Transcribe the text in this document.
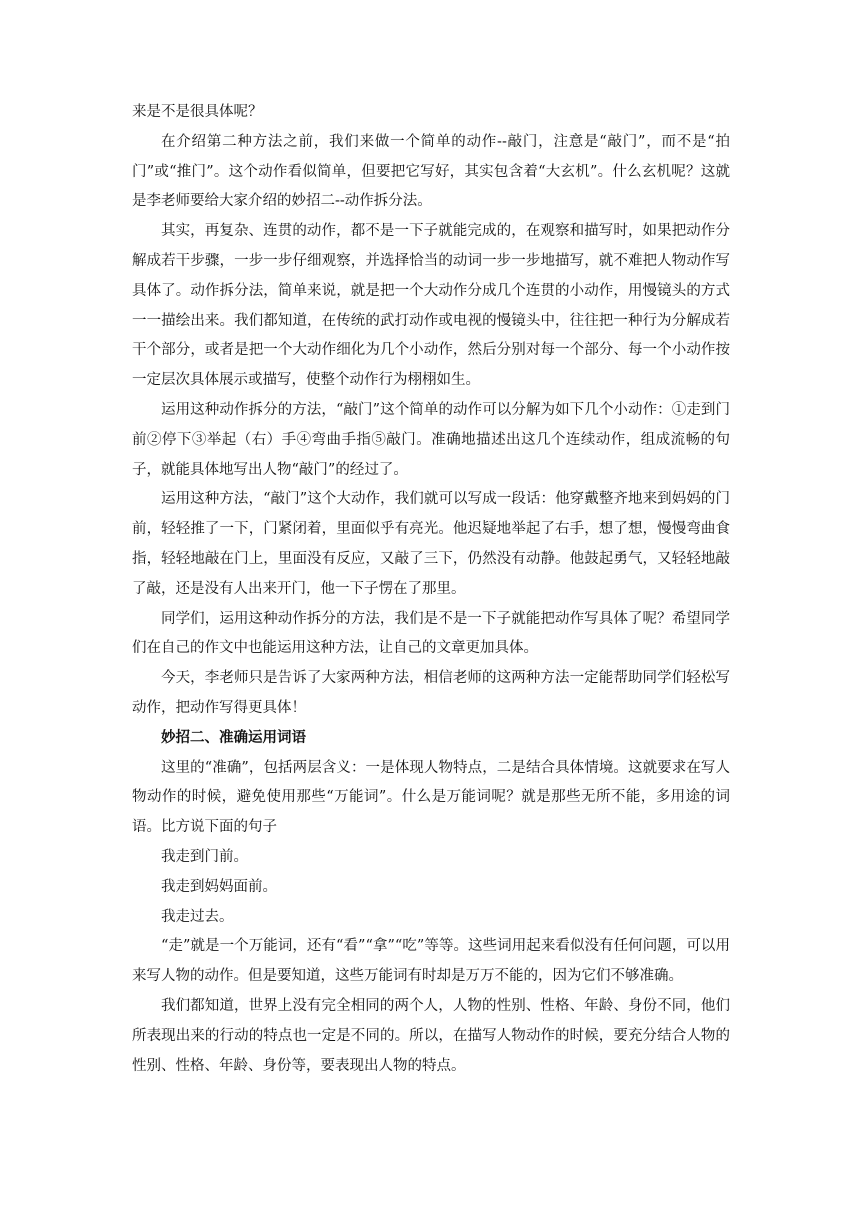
来是不是很具体呢？

在介绍第二种方法之前，我们来做一个简单的动作--敲门，注意是“敲门”，而不是“拍门”或“推门”。这个动作看似简单，但要把它写好，其实包含着“大玄机”。什么玄机呢？这就是李老师要给大家介绍的妙招二--动作拆分法。

其实，再复杂、连贯的动作，都不是一下子就能完成的，在观察和描写时，如果把动作分解成若干步骤，一步一步仔细观察，并选择恰当的动词一步一步地描写，就不难把人物动作写具体了。动作拆分法，简单来说，就是把一个大动作分成几个连贯的小动作，用慢镜头的方式一一描绘出来。我们都知道，在传统的武打动作或电视的慢镜头中，往往把一种行为分解成若干个部分，或者是把一个大动作细化为几个小动作，然后分别对每一个部分、每一个小动作按一定层次具体展示或描写，使整个动作行为栩栩如生。

运用这种动作拆分的方法，“敲门”这个简单的动作可以分解为如下几个小动作：①走到门前②停下③举起（右）手④弯曲手指⑤敲门。准确地描述出这几个连续动作，组成流畅的句子，就能具体地写出人物“敲门”的经过了。

运用这种方法，“敲门”这个大动作，我们就可以写成一段话：他穿戴整齐地来到妈妈的门前，轻轻推了一下，门紧闭着，里面似乎有亮光。他迟疑地举起了右手，想了想，慢慢弯曲食指，轻轻地敲在门上，里面没有反应，又敲了三下，仍然没有动静。他鼓起勇气，又轻轻地敲了敲，还是没有人出来开门，他一下子愣在了那里。

同学们，运用这种动作拆分的方法，我们是不是一下子就能把动作写具体了呢？希望同学们在自己的作文中也能运用这种方法，让自己的文章更加具体。

今天，李老师只是告诉了大家两种方法，相信老师的这两种方法一定能帮助同学们轻松写动作，把动作写得更具体！

妙招二、准确运用词语

这里的“准确”，包括两层含义：一是体现人物特点，二是结合具体情境。这就要求在写人物动作的时候，避免使用那些“万能词”。什么是万能词呢？就是那些无所不能，多用途的词语。比方说下面的句子

我走到门前。

我走到妈妈面前。

我走过去。

“走”就是一个万能词，还有“看”“拿”“吃”等等。这些词用起来看似没有任何问题，可以用来写人物的动作。但是要知道，这些万能词有时却是万万不能的，因为它们不够准确。

我们都知道，世界上没有完全相同的两个人，人物的性别、性格、年龄、身份不同，他们所表现出来的行动的特点也一定是不同的。所以，在描写人物动作的时候，要充分结合人物的性别、性格、年龄、身份等，要表现出人物的特点。
